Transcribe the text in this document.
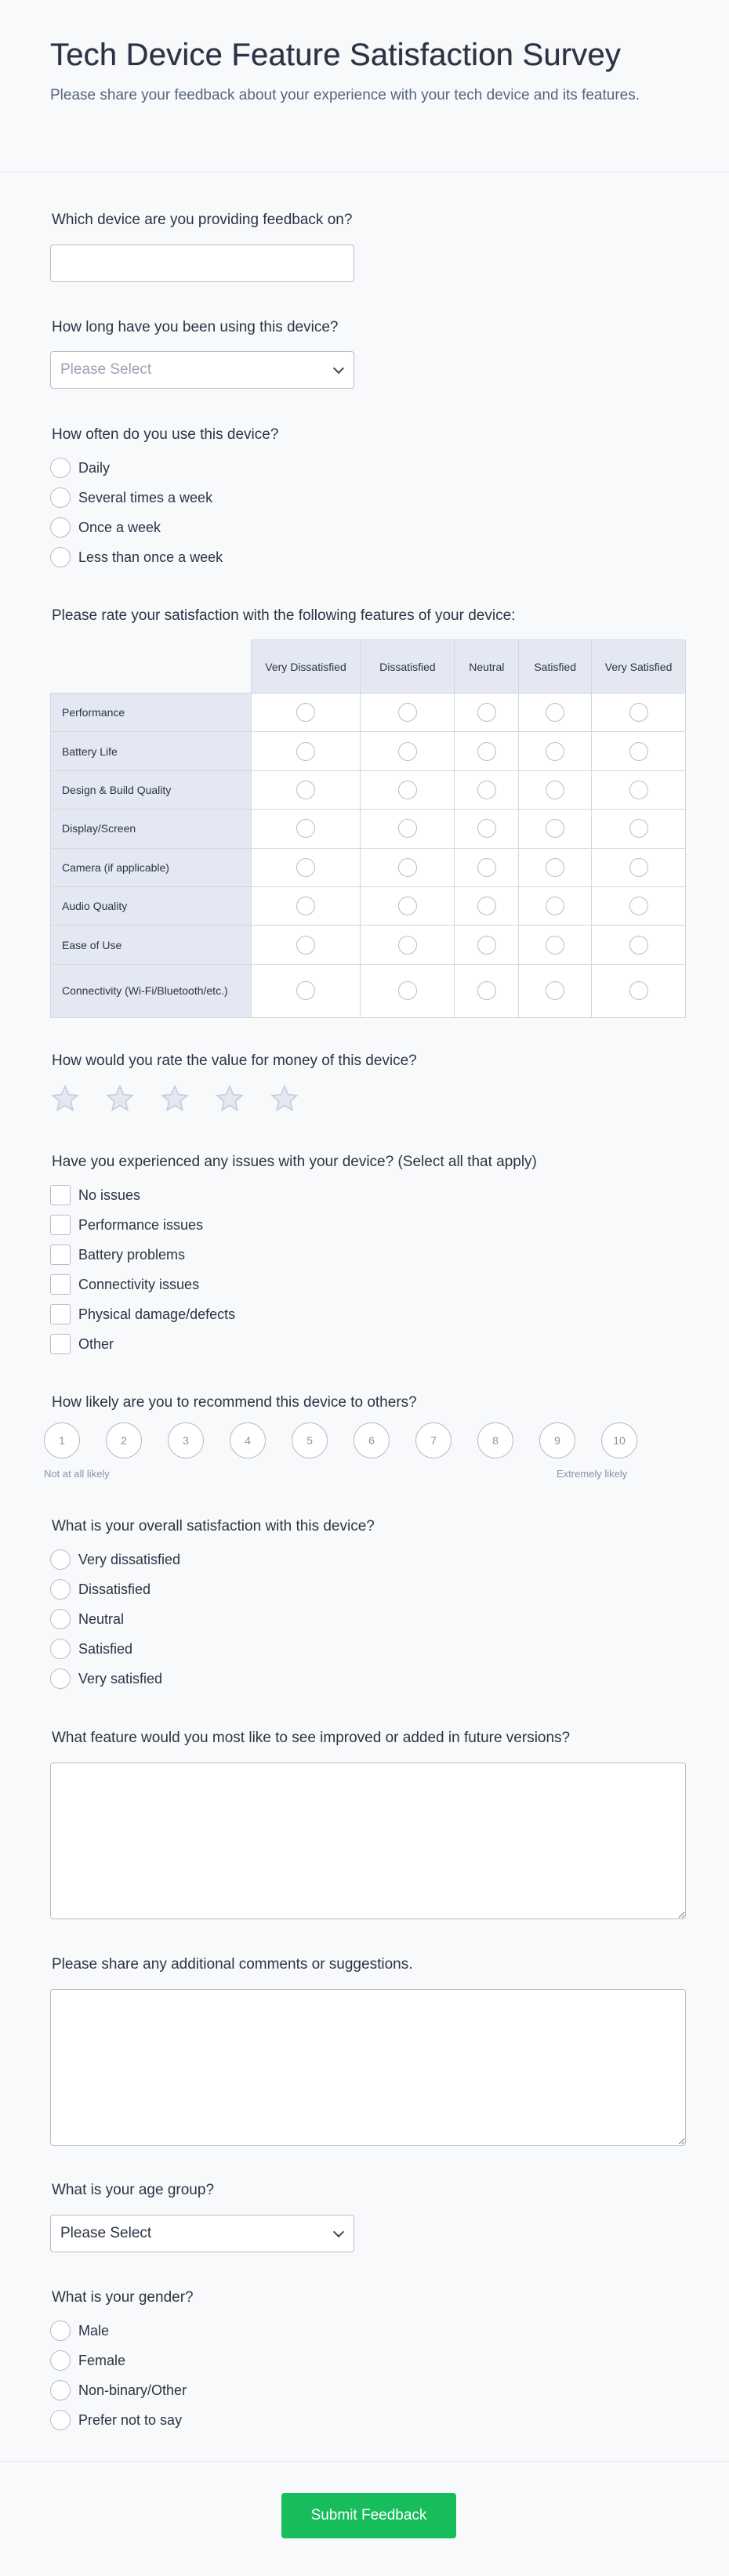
Tech Device Feature Satisfaction Survey

Please share your feedback about your experience with your tech device and its features.

Which device are you providing feedback on?
How long have you been using this device?
Please Select
How often do you use this device?
Daily
Several times a week
Once a week
Less than once a week
Please rate your satisfaction with the following features of your device:
	Very Dissatisfied	Dissatisfied	Neutral	Satisfied	Very Satisfied
Performance					
Battery Life					
Design & Build Quality					
Display/Screen					
Camera (if applicable)					
Audio Quality					
Ease of Use					
Connectivity (Wi-Fi/Bluetooth/etc.)					
How would you rate the value for money of this device?
Have you experienced any issues with your device? (Select all that apply)
No issues
Performance issues
Battery problems
Connectivity issues
Physical damage/defects
Other
How likely are you to recommend this device to others?
1	2	3	4	5	6	7	8	9	10
Not at all likely	Extremely likely
What is your overall satisfaction with this device?
Very dissatisfied
Dissatisfied
Neutral
Satisfied
Very satisfied
What feature would you most like to see improved or added in future versions?
Please share any additional comments or suggestions.
What is your age group?
Please Select
What is your gender?
Male
Female
Non-binary/Other
Prefer not to say
Submit Feedback
